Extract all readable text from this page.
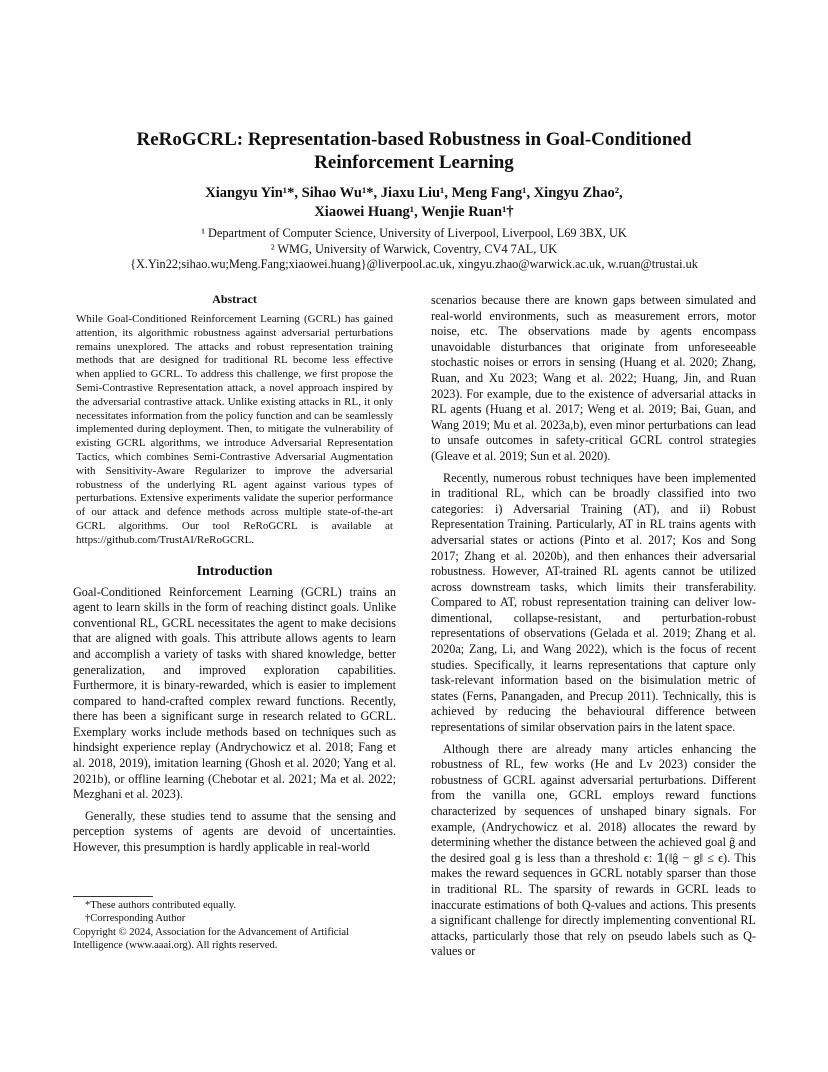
ReRoGCRL: Representation-based Robustness in Goal-Conditioned
Reinforcement Learning
Xiangyu Yin¹*, Sihao Wu¹*, Jiaxu Liu¹, Meng Fang¹, Xingyu Zhao²,
Xiaowei Huang¹, Wenjie Ruan¹†
¹ Department of Computer Science, University of Liverpool, Liverpool, L69 3BX, UK
² WMG, University of Warwick, Coventry, CV4 7AL, UK
{X.Yin22;sihao.wu;Meng.Fang;xiaowei.huang}@liverpool.ac.uk, xingyu.zhao@warwick.ac.uk, w.ruan@trustai.uk
Abstract
While Goal-Conditioned Reinforcement Learning (GCRL) has gained attention, its algorithmic robustness against adversarial perturbations remains unexplored. The attacks and robust representation training methods that are designed for traditional RL become less effective when applied to GCRL. To address this challenge, we first propose the Semi-Contrastive Representation attack, a novel approach inspired by the adversarial contrastive attack. Unlike existing attacks in RL, it only necessitates information from the policy function and can be seamlessly implemented during deployment. Then, to mitigate the vulnerability of existing GCRL algorithms, we introduce Adversarial Representation Tactics, which combines Semi-Contrastive Adversarial Augmentation with Sensitivity-Aware Regularizer to improve the adversarial robustness of the underlying RL agent against various types of perturbations. Extensive experiments validate the superior performance of our attack and defence methods across multiple state-of-the-art GCRL algorithms. Our tool ReRoGCRL is available at https://github.com/TrustAI/ReRoGCRL.
Introduction

Goal-Conditioned Reinforcement Learning (GCRL) trains an agent to learn skills in the form of reaching distinct goals. Unlike conventional RL, GCRL necessitates the agent to make decisions that are aligned with goals. This attribute allows agents to learn and accomplish a variety of tasks with shared knowledge, better generalization, and improved exploration capabilities. Furthermore, it is binary-rewarded, which is easier to implement compared to hand-crafted complex reward functions. Recently, there has been a significant surge in research related to GCRL. Exemplary works include methods based on techniques such as hindsight experience replay (Andrychowicz et al. 2018; Fang et al. 2018, 2019), imitation learning (Ghosh et al. 2020; Yang et al. 2021b), or offline learning (Chebotar et al. 2021; Ma et al. 2022; Mezghani et al. 2023).

Generally, these studies tend to assume that the sensing and perception systems of agents are devoid of uncertainties. However, this presumption is hardly applicable in real-world

scenarios because there are known gaps between simulated and real-world environments, such as measurement errors, motor noise, etc. The observations made by agents encompass unavoidable disturbances that originate from unforeseeable stochastic noises or errors in sensing (Huang et al. 2020; Zhang, Ruan, and Xu 2023; Wang et al. 2022; Huang, Jin, and Ruan 2023). For example, due to the existence of adversarial attacks in RL agents (Huang et al. 2017; Weng et al. 2019; Bai, Guan, and Wang 2019; Mu et al. 2023a,b), even minor perturbations can lead to unsafe outcomes in safety-critical GCRL control strategies (Gleave et al. 2019; Sun et al. 2020).

Recently, numerous robust techniques have been implemented in traditional RL, which can be broadly classified into two categories: i) Adversarial Training (AT), and ii) Robust Representation Training. Particularly, AT in RL trains agents with adversarial states or actions (Pinto et al. 2017; Kos and Song 2017; Zhang et al. 2020b), and then enhances their adversarial robustness. However, AT-trained RL agents cannot be utilized across downstream tasks, which limits their transferability. Compared to AT, robust representation training can deliver low-dimentional, collapse-resistant, and perturbation-robust representations of observations (Gelada et al. 2019; Zhang et al. 2020a; Zang, Li, and Wang 2022), which is the focus of recent studies. Specifically, it learns representations that capture only task-relevant information based on the bisimulation metric of states (Ferns, Panangaden, and Precup 2011). Technically, this is achieved by reducing the behavioural difference between representations of similar observation pairs in the latent space.

Although there are already many articles enhancing the robustness of RL, few works (He and Lv 2023) consider the robustness of GCRL against adversarial perturbations. Different from the vanilla one, GCRL employs reward functions characterized by sequences of unshaped binary signals. For example, (Andrychowicz et al. 2018) allocates the reward by determining whether the distance between the achieved goal ĝ and the desired goal g is less than a threshold ϵ: 𝟙(‖ĝ − g‖ ≤ ϵ). This makes the reward sequences in GCRL notably sparser than those in traditional RL. The sparsity of rewards in GCRL leads to inaccurate estimations of both Q-values and actions. This presents a significant challenge for directly implementing conventional RL attacks, particularly those that rely on pseudo labels such as Q-values or

*These authors contributed equally.
†Corresponding Author
Copyright © 2024, Association for the Advancement of Artificial Intelligence (www.aaai.org). All rights reserved.
